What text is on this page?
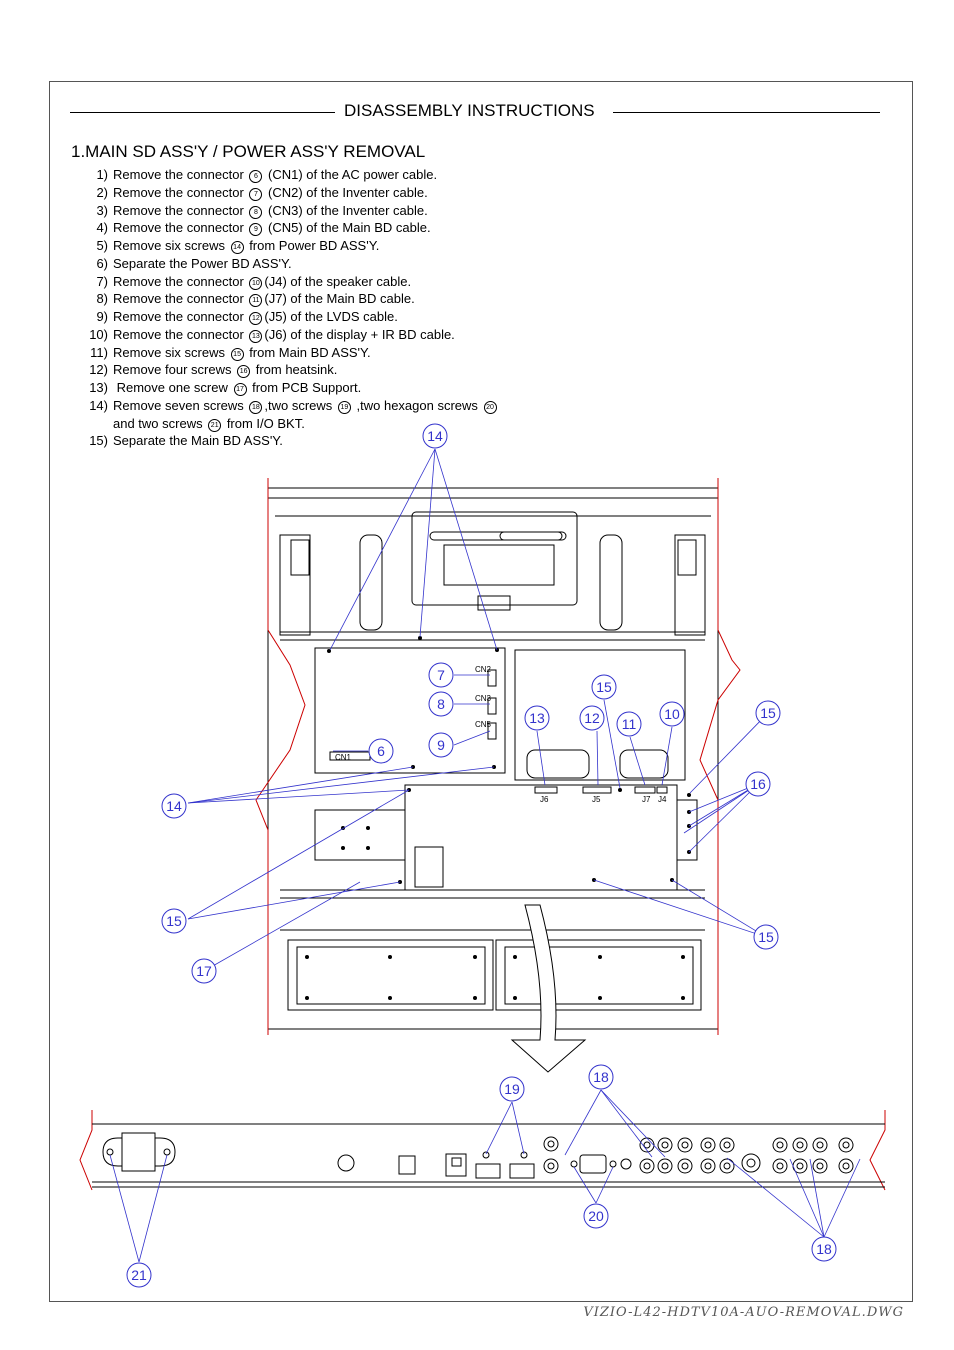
DISASSEMBLY INSTRUCTIONS
1.MAIN SD ASS'Y / POWER ASS'Y REMOVAL
1) Remove the connector 6 (CN1) of the AC power cable.
2) Remove the connector 7 (CN2) of the Inventer cable.
3) Remove the connector 8 (CN3) of the Inventer cable.
4) Remove the connector 9 (CN5) of the Main BD cable.
5) Remove six screws 14 from Power BD ASS'Y.
6) Separate the Power BD ASS'Y.
7) Remove the connector 10 (J4) of the speaker cable.
8) Remove the connector 11 (J7) of the Main BD cable.
9) Remove the connector 12 (J5) of the LVDS cable.
10) Remove the connector 13 (J6) of the display + IR BD cable.
11) Remove six screws 15 from Main BD ASS'Y.
12) Remove four screws 16 from heatsink.
13) Remove one screw 17 from PCB Support.
14) Remove seven screws 18 ,two screws 19 ,two hexagon screws 20
and two screws 21 from I/O BKT.
15) Separate the Main BD ASS'Y.
CN1
CN2
CN3
CN5
J6	J5	J7 J4
14
7
8
9
6
15
13	12 11
10	15
16
14
15
15
17
19
18
20
18
21
VIZIO-L42-HDTV10A-AUO-REMOVAL.DWG
